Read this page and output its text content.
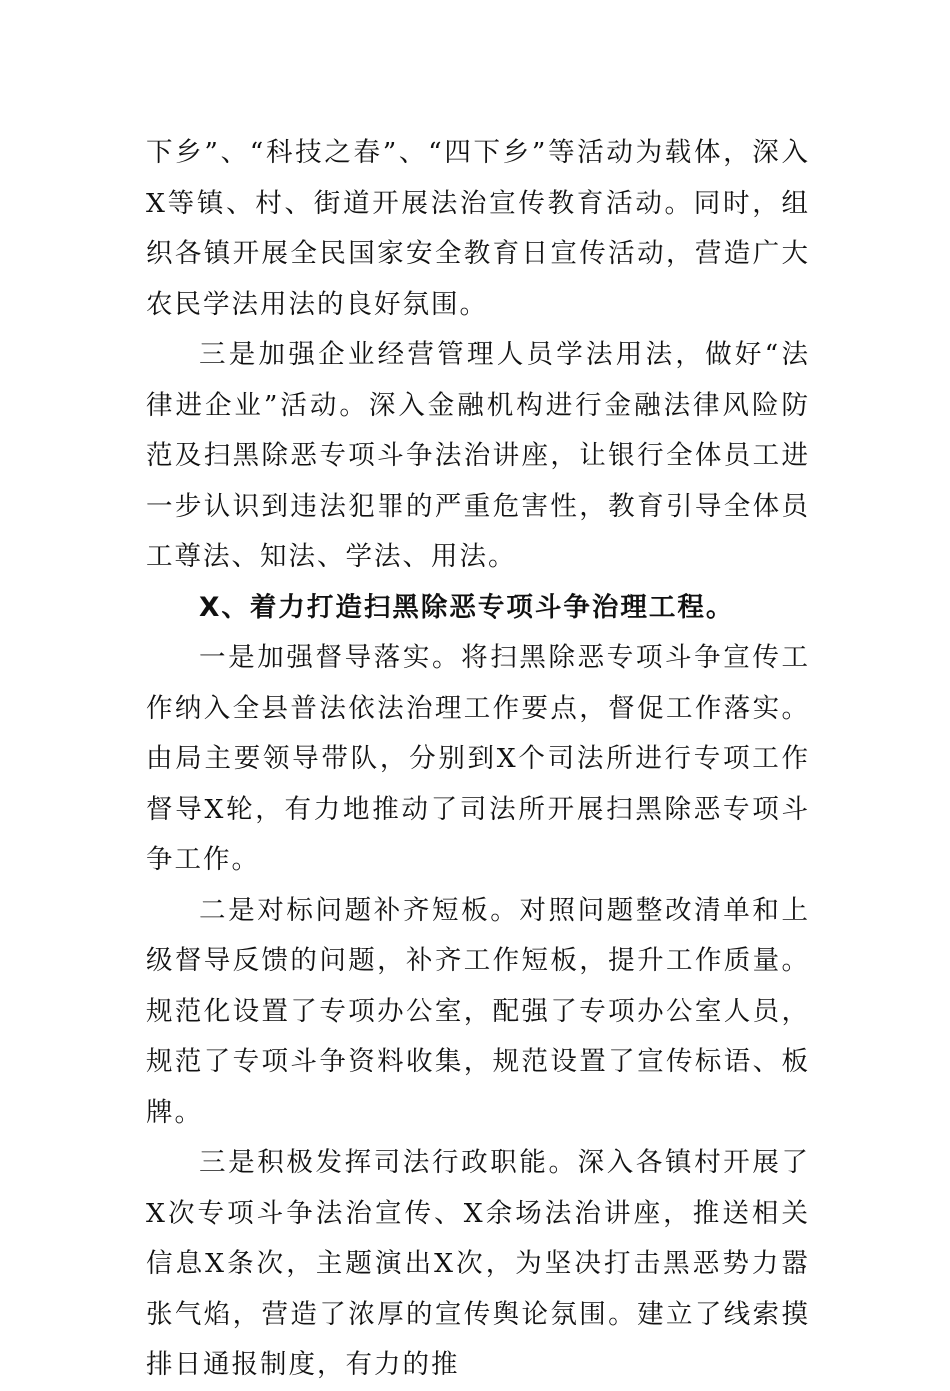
下乡”、“科技之春”、“四下乡”等活动为载体，深入X等镇、村、街道开展法治宣传教育活动。同时，组织各镇开展全民国家安全教育日宣传活动，营造广大农民学法用法的良好氛围。

三是加强企业经营管理人员学法用法，做好“法律进企业”活动。深入金融机构进行金融法律风险防范及扫黑除恶专项斗争法治讲座，让银行全体员工进一步认识到违法犯罪的严重危害性，教育引导全体员工尊法、知法、学法、用法。

X、着力打造扫黑除恶专项斗争治理工程。

一是加强督导落实。将扫黑除恶专项斗争宣传工作纳入全县普法依法治理工作要点，督促工作落实。由局主要领导带队，分别到X个司法所进行专项工作督导X轮，有力地推动了司法所开展扫黑除恶专项斗争工作。

二是对标问题补齐短板。对照问题整改清单和上级督导反馈的问题，补齐工作短板，提升工作质量。规范化设置了专项办公室，配强了专项办公室人员，规范了专项斗争资料收集，规范设置了宣传标语、板牌。

三是积极发挥司法行政职能。深入各镇村开展了X次专项斗争法治宣传、X余场法治讲座，推送相关信息X条次，主题演出X次，为坚决打击黑恶势力嚣张气焰，营造了浓厚的宣传舆论氛围。建立了线索摸排日通报制度，有力的推
